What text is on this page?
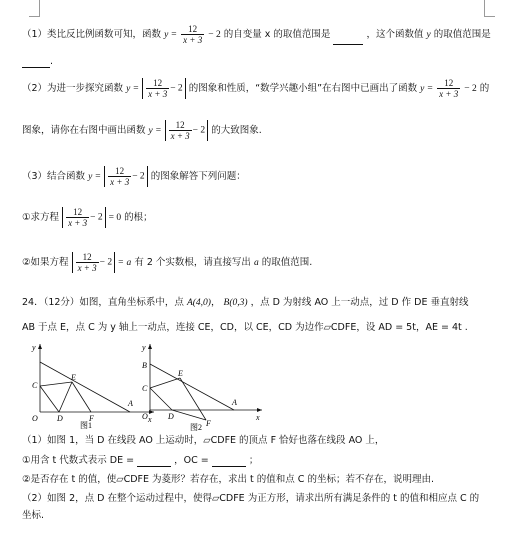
（1）类比反比例函数可知，函数 $y = \frac{12}{x + 3} - 2$ 的自变量 x 的取值范围是	，这个函数值 y 的取值范围是
.
（2）为进一步探究函数 $y = \frac{12}{x + 3} - 2$ 的图象和性质，“数学兴趣小组”在右图中已画出了函数 $y = \frac{12}{x + 3} - 2$ 的
图象，请你在右图中画出函数 $y = \frac{12}{x + 3} - 2$ 的大致图象.
（3）结合函数 $y = \frac{12}{x + 3} - 2$ 的图象解答下列问题：
①求方程 $\frac{12}{x + 3} - 2 = 0$ 的根；
②如果方程 $\frac{12}{x + 3} - 2 = a$ 有 2 个实数根，请直接写出 a 的取值范围.
24．（12分）如图，直角坐标系中，点 A(4,0)， B(0,3) ，点 D 为射线 AO 上一动点，过 D 作 DE 垂直射线
AB 于点 E，点 C 为 y 轴上一动点，连接 CE，CD，以 CE，CD 为边作▱CDFE，设 AD = 5t，AE = 4t .
y
C
E
O D	F
A
x
图1
y
B
C
E
O	D
F
A
x
图2
（1）如图 1，当 D 在线段 AO 上运动时，▱CDFE 的顶点 F 恰好也落在线段 AO 上，
①用含 t 代数式表示 DE =	，OC =	；
②是否存在 t 的值，使▱CDFE 为菱形？若存在，求出 t 的值和点 C 的坐标；若不存在，说明理由.
（2）如图 2，点 D 在整个运动过程中，使得▱CDFE 为正方形，请求出所有满足条件的 t 的值和相应点 C 的
坐标.
